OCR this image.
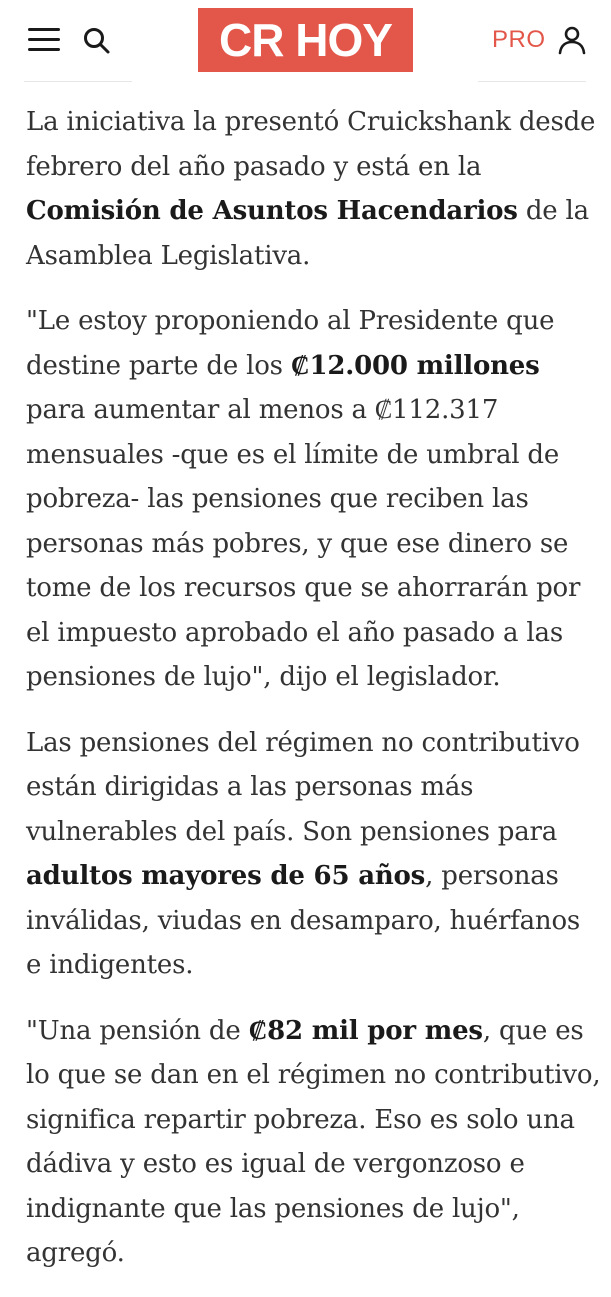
CR HOY	PRO

La iniciativa la presentó Cruickshank desde febrero del año pasado y está en la Comisión de Asuntos Hacendarios de la Asamblea Legislativa.

"Le estoy proponiendo al Presidente que destine parte de los ₡12.000 millones para aumentar al menos a ₡112.317 mensuales -que es el límite de umbral de pobreza- las pensiones que reciben las personas más pobres, y que ese dinero se tome de los recursos que se ahorrarán por el impuesto aprobado el año pasado a las pensiones de lujo", dijo el legislador.

Las pensiones del régimen no contributivo están dirigidas a las personas más vulnerables del país. Son pensiones para adultos mayores de 65 años, personas inválidas, viudas en desamparo, huérfanos e indigentes.

"Una pensión de ₡82 mil por mes, que es lo que se dan en el régimen no contributivo, significa repartir pobreza. Eso es solo una dádiva y esto es igual de vergonzoso e indignante que las pensiones de lujo", agregó.
